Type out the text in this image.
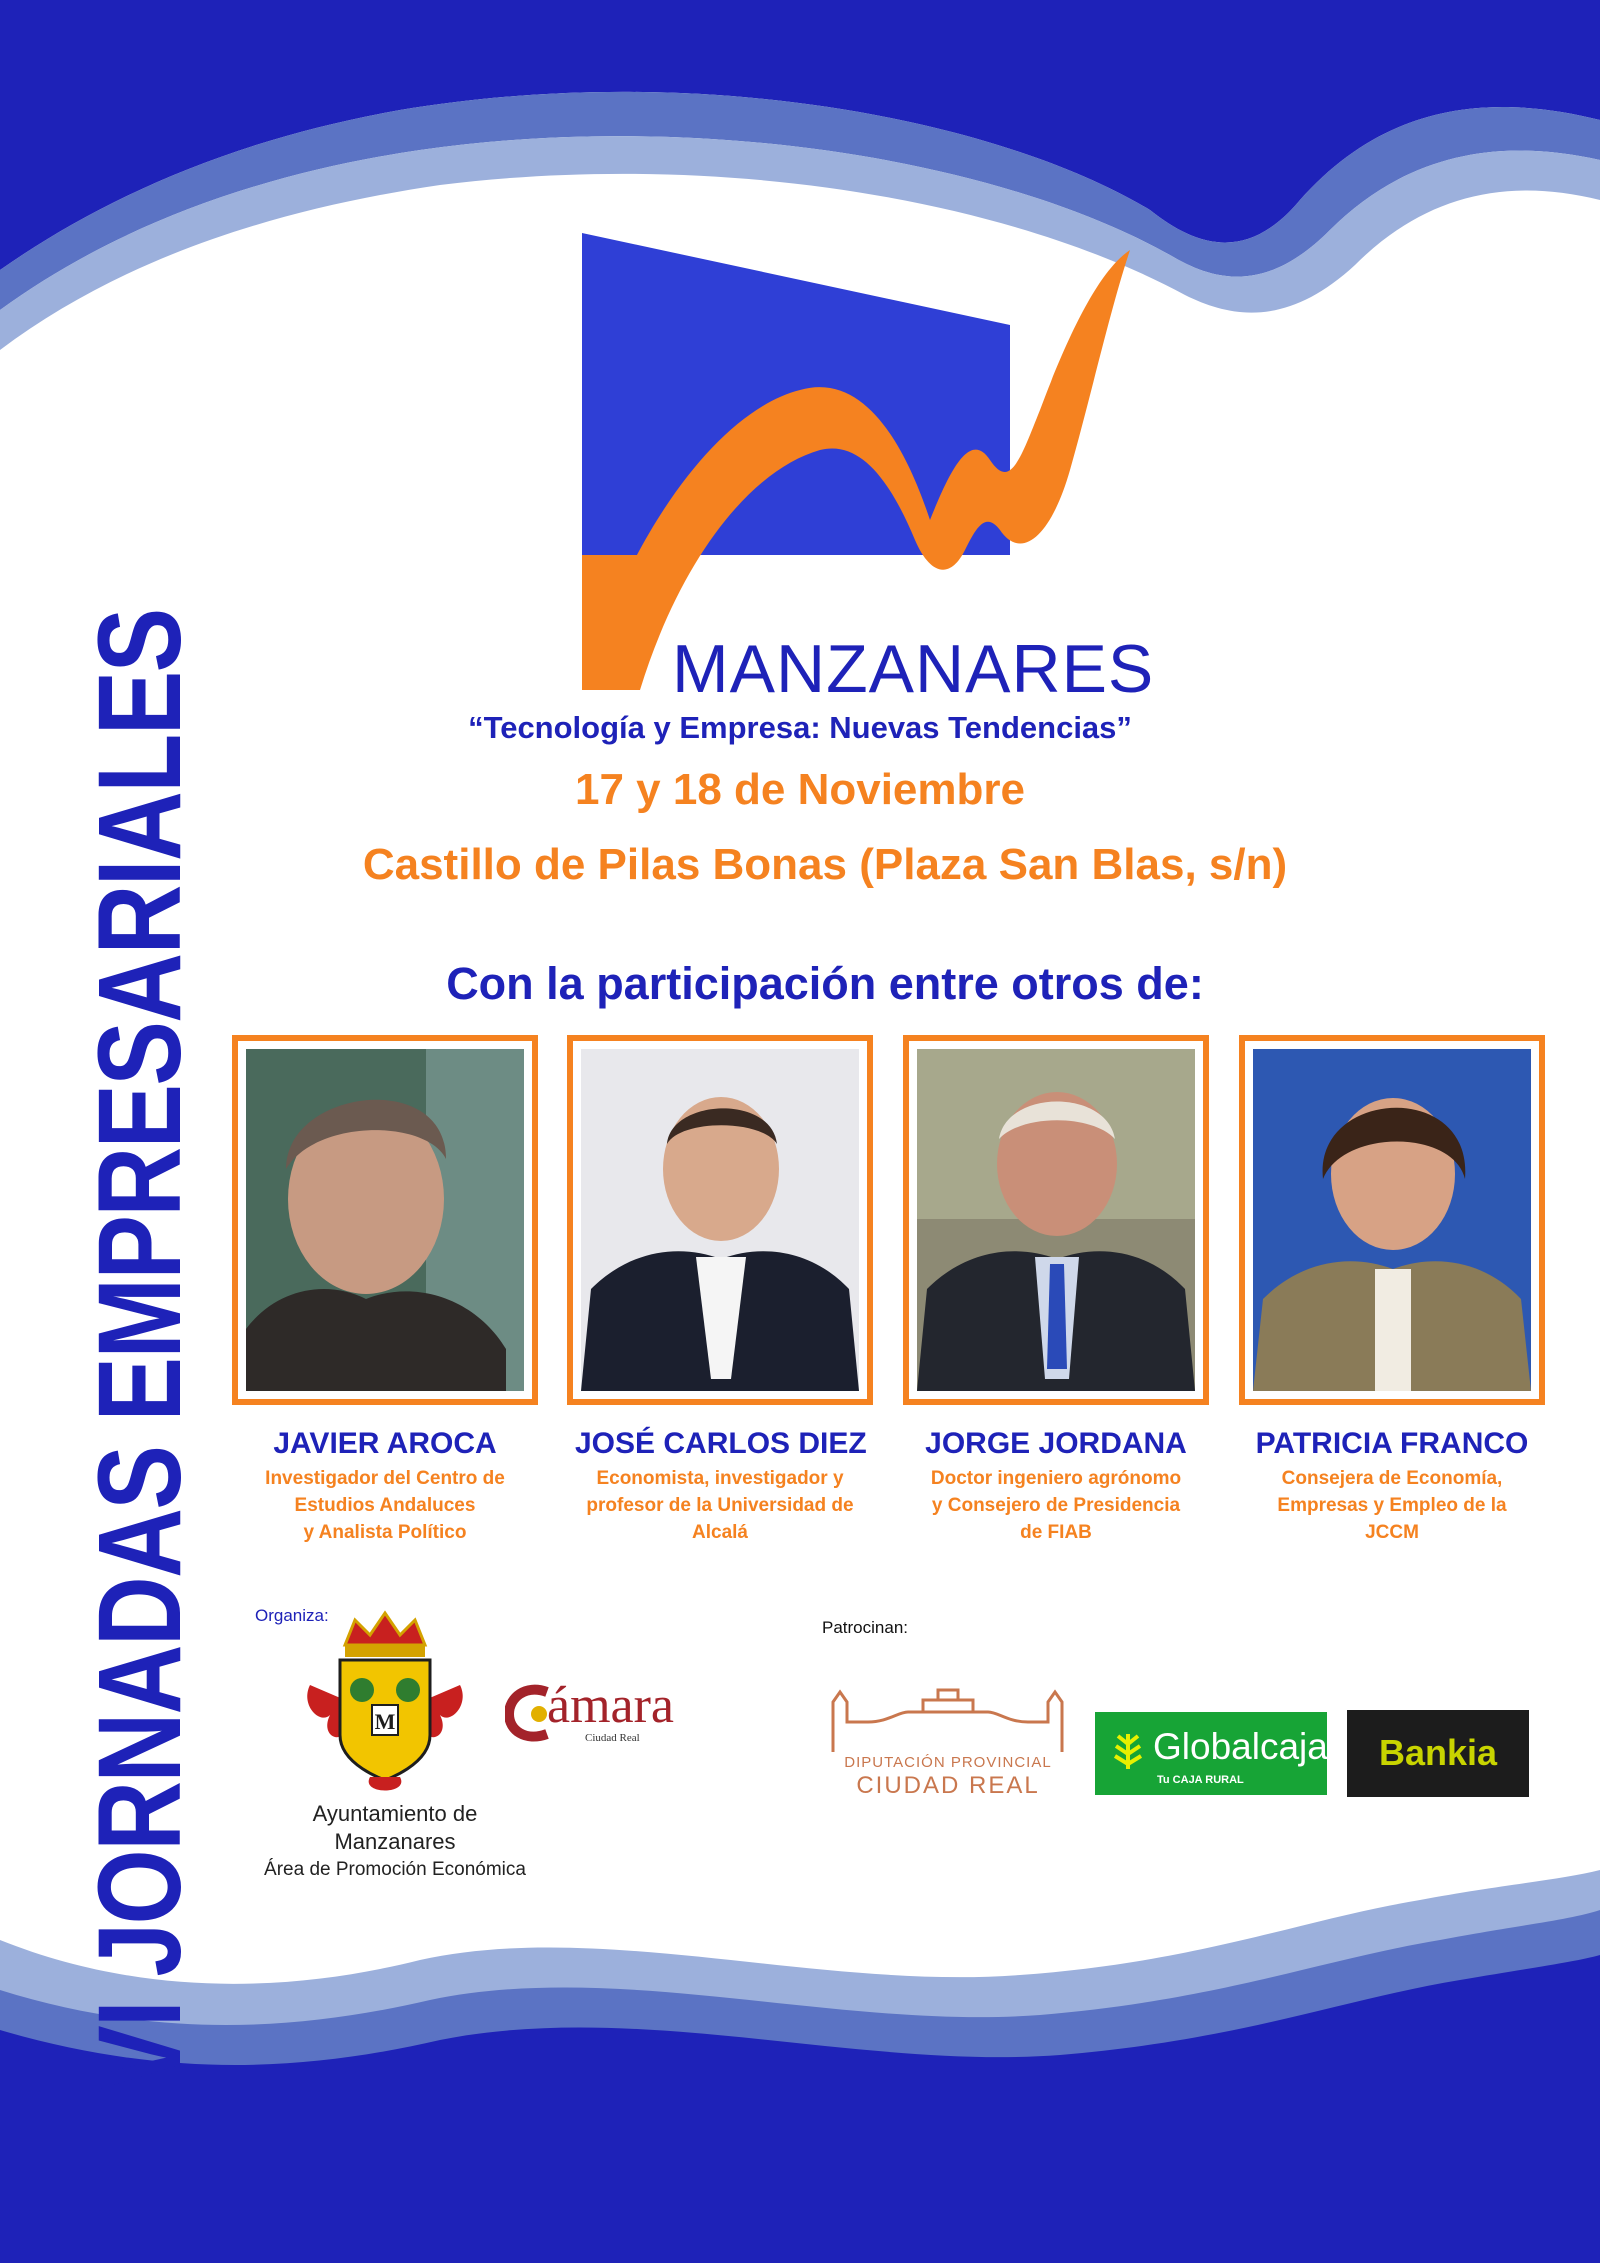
VI JORNADAS EMPRESARIALES	MANZANARES
“Tecnología y Empresa: Nuevas Tendencias”
17 y 18 de Noviembre
Castillo de Pilas Bonas (Plaza San Blas, s/n)
Con la participación entre otros de:
JAVIER AROCA
Investigador del Centro de
Estudios Andaluces
y Analista Político
JOSÉ CARLOS DIEZ
Economista, investigador y
profesor de la Universidad de
Alcalá
JORGE JORDANA
Doctor ingeniero agrónomo
y Consejero de Presidencia
de FIAB
PATRICIA FRANCO
Consejera de Economía,
Empresas y Empleo de la
JCCM
Organiza:
M
Ayuntamiento de
Manzanares
Área de Promoción Económica
ámara
Ciudad Real
Patrocinan:
DIPUTACIÓN PROVINCIAL
CIUDAD REAL
Globalcaja
Tu CAJA RURAL
Bankia
